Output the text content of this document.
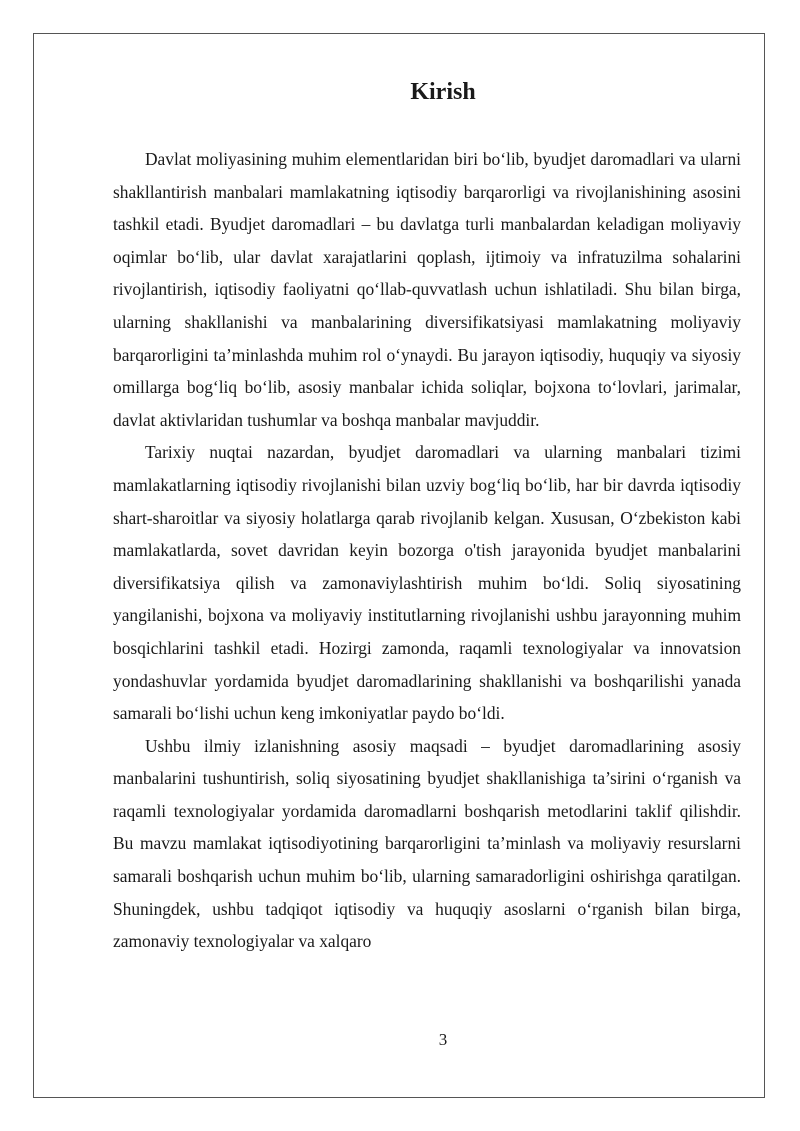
Kirish

Davlat moliyasining muhim elementlaridan biri bo‘lib, byudjet daromadlari va ularni shakllantirish manbalari mamlakatning iqtisodiy barqarorligi va rivojlanishining asosini tashkil etadi. Byudjet daromadlari – bu davlatga turli manbalardan keladigan moliyaviy oqimlar bo‘lib, ular davlat xarajatlarini qoplash, ijtimoiy va infratuzilma sohalarini rivojlantirish, iqtisodiy faoliyatni qo‘llab-quvvatlash uchun ishlatiladi. Shu bilan birga, ularning shakllanishi va manbalarining diversifikatsiyasi mamlakatning moliyaviy barqarorligini ta’minlashda muhim rol o‘ynaydi. Bu jarayon iqtisodiy, huquqiy va siyosiy omillarga bog‘liq bo‘lib, asosiy manbalar ichida soliqlar, bojxona to‘lovlari, jarimalar, davlat aktivlaridan tushumlar va boshqa manbalar mavjuddir.

Tarixiy nuqtai nazardan, byudjet daromadlari va ularning manbalari tizimi mamlakatlarning iqtisodiy rivojlanishi bilan uzviy bog‘liq bo‘lib, har bir davrda iqtisodiy shart-sharoitlar va siyosiy holatlarga qarab rivojlanib kelgan. Xususan, O‘zbekiston kabi mamlakatlarda, sovet davridan keyin bozorga o'tish jarayonida byudjet manbalarini diversifikatsiya qilish va zamonaviylashtirish muhim bo‘ldi. Soliq siyosatining yangilanishi, bojxona va moliyaviy institutlarning rivojlanishi ushbu jarayonning muhim bosqichlarini tashkil etadi. Hozirgi zamonda, raqamli texnologiyalar va innovatsion yondashuvlar yordamida byudjet daromadlarining shakllanishi va boshqarilishi yanada samarali bo‘lishi uchun keng imkoniyatlar paydo bo‘ldi.

Ushbu ilmiy izlanishning asosiy maqsadi – byudjet daromadlarining asosiy manbalarini tushuntirish, soliq siyosatining byudjet shakllanishiga ta’sirini o‘rganish va raqamli texnologiyalar yordamida daromadlarni boshqarish metodlarini taklif qilishdir. Bu mavzu mamlakat iqtisodiyotining barqarorligini ta’minlash va moliyaviy resurslarni samarali boshqarish uchun muhim bo‘lib, ularning samaradorligini oshirishga qaratilgan. Shuningdek, ushbu tadqiqot iqtisodiy va huquqiy asoslarni o‘rganish bilan birga, zamonaviy texnologiyalar va xalqaro

3
